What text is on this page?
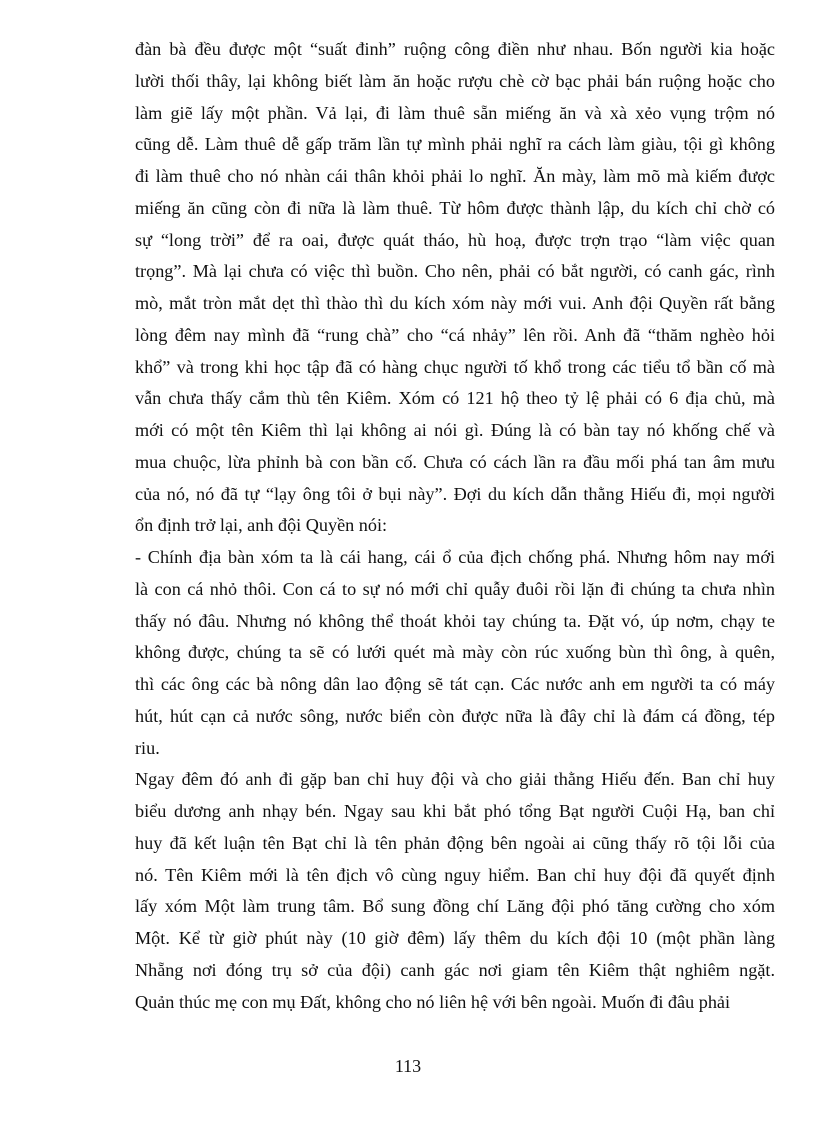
đàn bà đều được một “suất đinh” ruộng công điền như nhau. Bốn người kia hoặc
lười thối thây, lại không biết làm ăn hoặc rượu chè cờ bạc phải bán ruộng hoặc cho
làm giẽ lấy một phần. Vả lại, đi làm thuê sẵn miếng ăn và xà xẻo vụng trộm nó
cũng dễ. Làm thuê dễ gấp trăm lần tự mình phải nghĩ ra cách làm giàu, tội gì không
đi làm thuê cho nó nhàn cái thân khỏi phải lo nghĩ. Ăn mày, làm mõ mà kiếm được
miếng ăn cũng còn đi nữa là làm thuê. Từ hôm được thành lập, du kích chỉ chờ có
sự “long trời” để ra oai, được quát tháo, hù hoạ, được trợn trạo “làm việc quan
trọng”. Mà lại chưa có việc thì buồn. Cho nên, phải có bắt người, có canh gác, rình
mò, mắt tròn mắt dẹt thì thào thì du kích xóm này mới vui. Anh đội Quyền rất bằng
lòng đêm nay mình đã “rung chà” cho “cá nhảy” lên rồi. Anh đã “thăm nghèo hỏi
khổ” và trong khi học tập đã có hàng chục người tố khổ trong các tiểu tổ bần cố mà
vẫn chưa thấy cắm thù tên Kiêm. Xóm có 121 hộ theo tỷ lệ phải có 6 địa chủ, mà
mới có một tên Kiêm thì lại không ai nói gì. Đúng là có bàn tay nó khống chế và
mua chuộc, lừa phỉnh bà con bần cố. Chưa có cách lần ra đầu mối phá tan âm mưu
của nó, nó đã tự “lạy ông tôi ở bụi này”. Đợi du kích dẫn thằng Hiếu đi, mọi người
ổn định trở lại, anh đội Quyền nói:
- Chính địa bàn xóm ta là cái hang, cái ổ của địch chống phá. Nhưng hôm nay mới
là con cá nhỏ thôi. Con cá to sự nó mới chỉ quẫy đuôi rồi lặn đi chúng ta chưa nhìn
thấy nó đâu. Nhưng nó không thể thoát khỏi tay chúng ta. Đặt vó, úp nơm, chạy te
không được, chúng ta sẽ có lưới quét mà mày còn rúc xuống bùn thì ông, à quên,
thì các ông các bà nông dân lao động sẽ tát cạn. Các nước anh em người ta có máy
hút, hút cạn cả nước sông, nước biển còn được nữa là đây chỉ là đám cá đồng, tép
riu.
Ngay đêm đó anh đi gặp ban chỉ huy đội và cho giải thằng Hiếu đến. Ban chỉ huy
biểu dương anh nhạy bén. Ngay sau khi bắt phó tổng Bạt người Cuội Hạ, ban chỉ
huy đã kết luận tên Bạt chỉ là tên phản động bên ngoài ai cũng thấy rõ tội lỗi của
nó. Tên Kiêm mới là tên địch vô cùng nguy hiểm. Ban chỉ huy đội đã quyết định
lấy xóm Một làm trung tâm. Bổ sung đồng chí Lăng đội phó tăng cường cho xóm
Một. Kể từ giờ phút này (10 giờ đêm) lấy thêm du kích đội 10 (một phần làng
Nhẵng nơi đóng trụ sở của đội) canh gác nơi giam tên Kiêm thật nghiêm ngặt.
Quản thúc mẹ con mụ Đất, không cho nó liên hệ với bên ngoài. Muốn đi đâu phải
113
